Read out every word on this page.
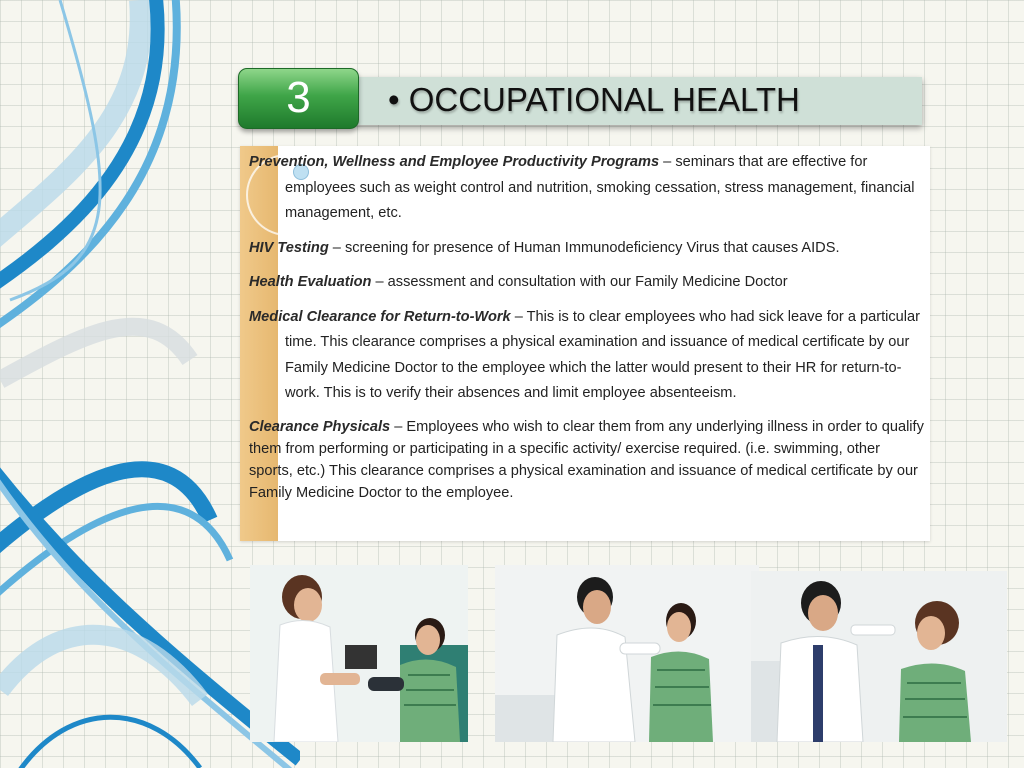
3	• OCCUPATIONAL HEALTH

Prevention, Wellness and Employee Productivity Programs – seminars that are effective for employees such as weight control and nutrition, smoking cessation, stress management, financial management, etc.

HIV Testing – screening for presence of Human Immunodeficiency Virus that causes AIDS.

Health Evaluation – assessment and consultation with our Family Medicine Doctor

Medical Clearance for Return-to-Work – This is to clear employees who had sick leave for a particular time. This clearance comprises a physical examination and issuance of medical certificate by our Family Medicine Doctor to the employee which the latter would present to their HR for return-to-work. This is to verify their absences and limit employee absenteeism.

Clearance Physicals – Employees who wish to clear them from any underlying illness in order to qualify them from performing or participating in a specific activity/ exercise required. (i.e. swimming, other sports, etc.) This clearance comprises a physical examination and issuance of medical certificate by our Family Medicine Doctor to the employee.
